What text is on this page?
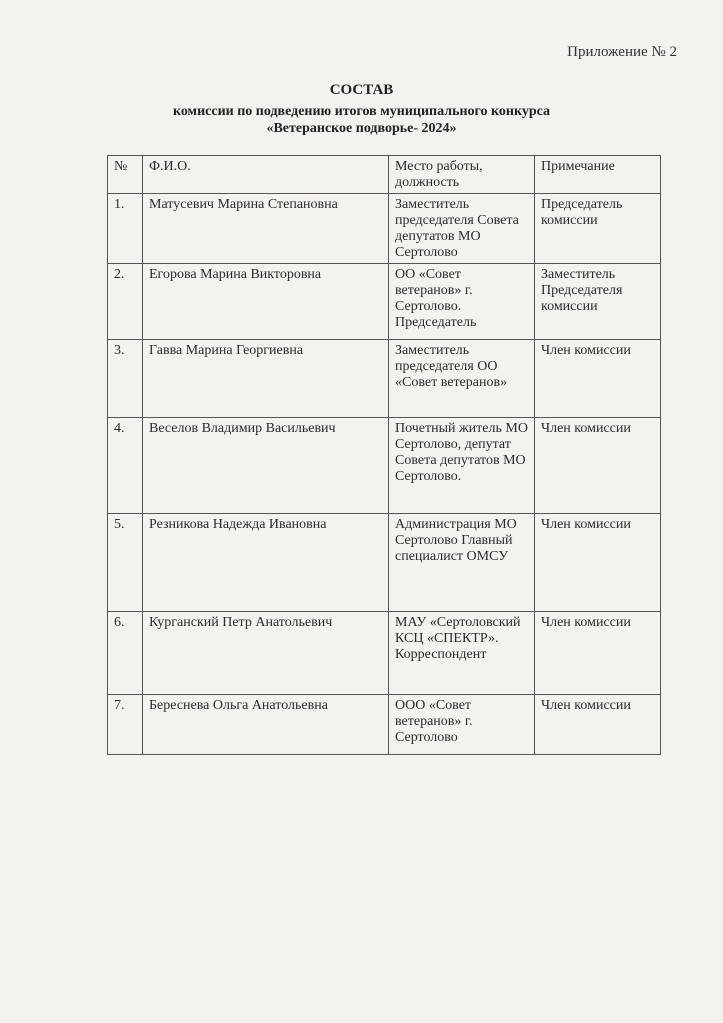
Приложение № 2
СОСТАВ
комиссии по подведению итогов муниципального конкурса
«Ветеранское подворье- 2024»
№	Ф.И.О.	Место работы, должность	Примечание
1.	Матусевич Марина Степановна	Заместитель председателя Совета депутатов МО Сертолово	Председатель комиссии
2.	Егорова Марина Викторовна	ОО «Совет ветеранов» г. Сертолово. Председатель	Заместитель Председателя комиссии
3.	Гавва Марина Георгиевна	Заместитель председателя ОО «Совет ветеранов»	Член комиссии
4.	Веселов Владимир Васильевич	Почетный житель МО Сертолово, депутат Совета депутатов МО Сертолово.	Член комиссии
5.	Резникова Надежда Ивановна	Администрация МО Сертолово Главный специалист ОМСУ	Член комиссии
6.	Курганский Петр Анатольевич	МАУ «Сертоловский КСЦ «СПЕКТР». Корреспондент	Член комиссии
7.	Береснева Ольга Анатольевна	ООО «Совет ветеранов» г. Сертолово	Член комиссии
